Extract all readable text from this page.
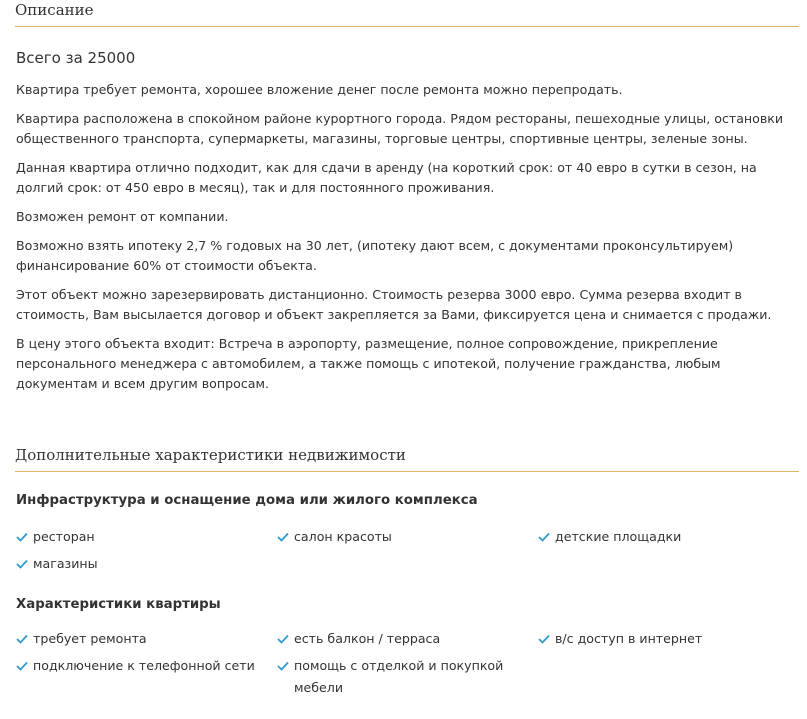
Описание
Всего за 25000

Квартира требует ремонта, хорошее вложение денег после ремонта можно перепродать.

Квартира расположена в спокойном районе курортного города. Рядом рестораны, пешеходные улицы, остановки общественного транспорта, супермаркеты, магазины, торговые центры, спортивные центры, зеленые зоны.

Данная квартира отлично подходит, как для сдачи в аренду (на короткий срок: от 40 евро в сутки в сезон, на долгий срок: от 450 евро в месяц), так и для постоянного проживания.

Возможен ремонт от компании.

Возможно взять ипотеку 2,7 % годовых на 30 лет, (ипотеку дают всем, с документами проконсультируем) финансирование 60% от стоимости объекта.

Этот объект можно зарезервировать дистанционно. Стоимость резерва 3000 евро. Сумма резерва входит в стоимость, Вам высылается договор и объект закрепляется за Вами, фиксируется цена и снимается с продажи.

В цену этого объекта входит: Встреча в аэропорту, размещение, полное сопровождение, прикрепление персонального менеджера с автомобилем, а также помощь с ипотекой, получение гражданства, любым документам и всем другим вопросам.

Дополнительные характеристики недвижимости
Инфраструктура и оснащение дома или жилого комплекса
ресторан	салон красоты	детские площадки
магазины
Характеристики квартиры
требует ремонта	есть балкон / терраса	в/с доступ в интернет
подключение к телефонной сети	помощь с отделкой и покупкой мебели
